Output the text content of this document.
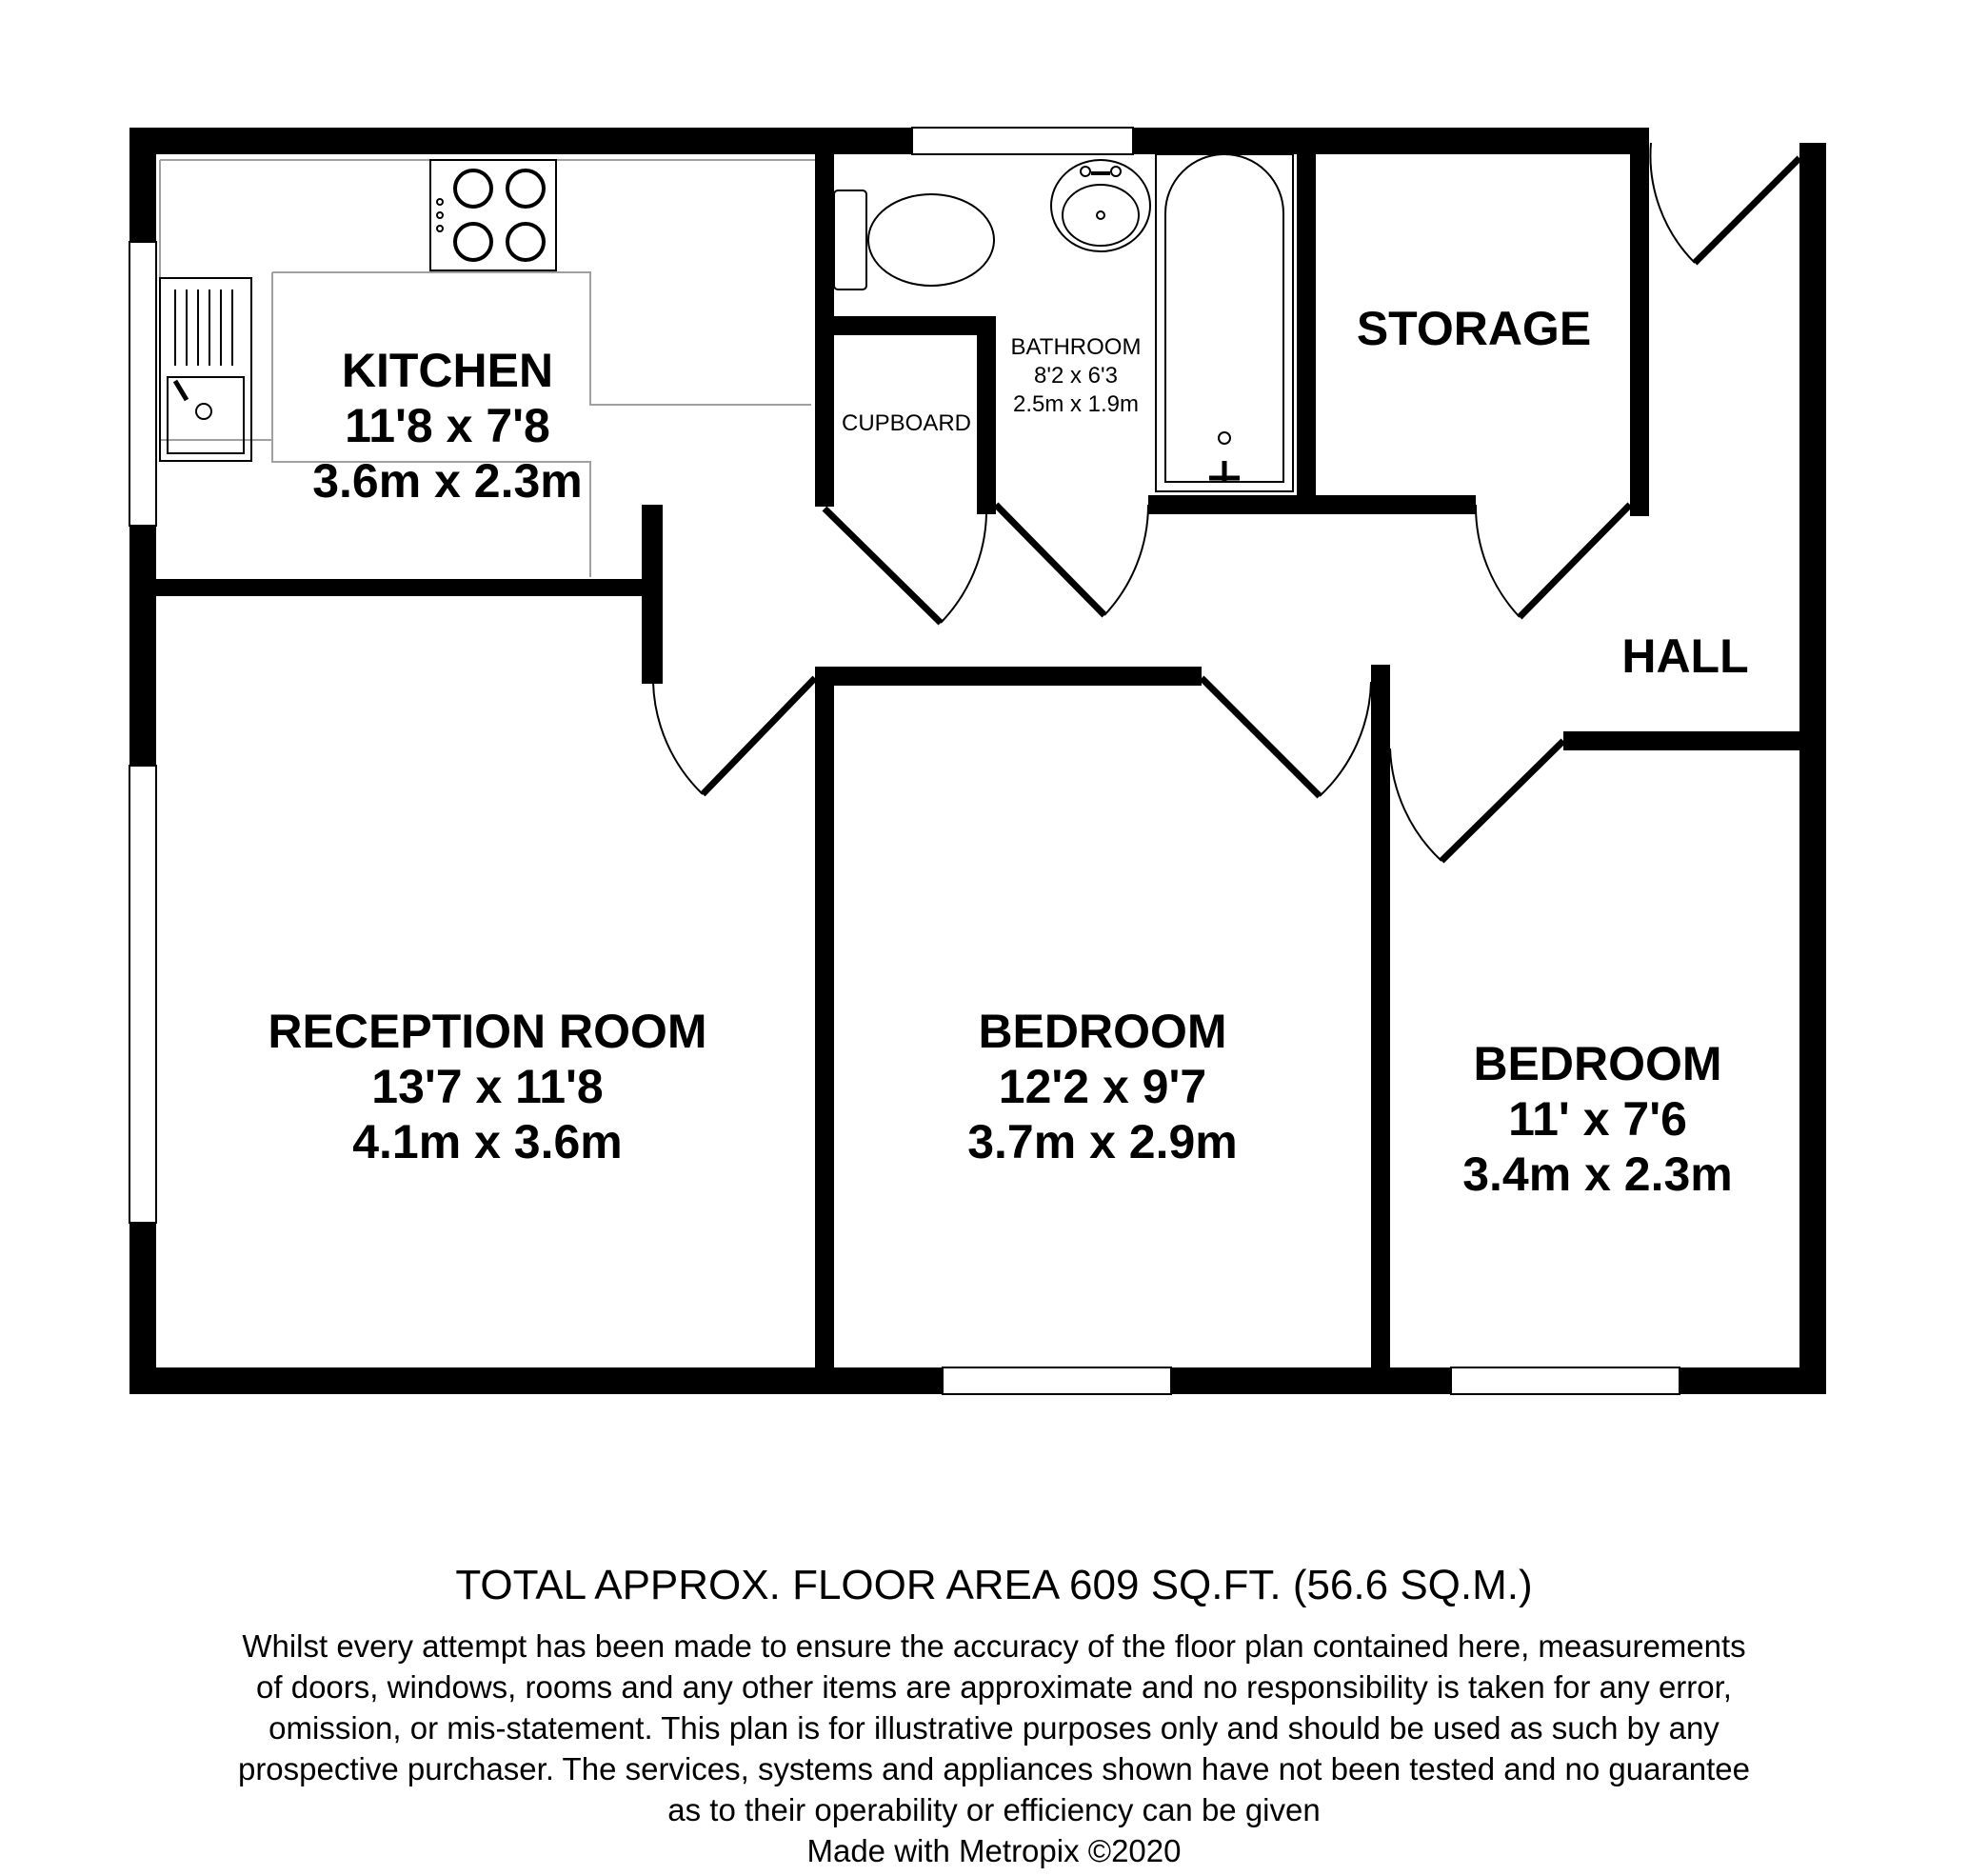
KITCHEN
11'8 x 7'8
3.6m x 2.3m
BATHROOM
8'2 x 6'3
2.5m x 1.9m
CUPBOARD
STORAGE
HALL
RECEPTION ROOM
13'7 x 11'8
4.1m x 3.6m
BEDROOM
12'2 x 9'7
3.7m x 2.9m
BEDROOM
11' x 7'6
3.4m x 2.3m
TOTAL APPROX. FLOOR AREA 609 SQ.FT. (56.6 SQ.M.)
Whilst every attempt has been made to ensure the accuracy of the floor plan contained here, measurements
of doors, windows, rooms and any other items are approximate and no responsibility is taken for any error,
omission, or mis-statement. This plan is for illustrative purposes only and should be used as such by any
prospective purchaser. The services, systems and appliances shown have not been tested and no guarantee
as to their operability or efficiency can be given
Made with Metropix ©2020
